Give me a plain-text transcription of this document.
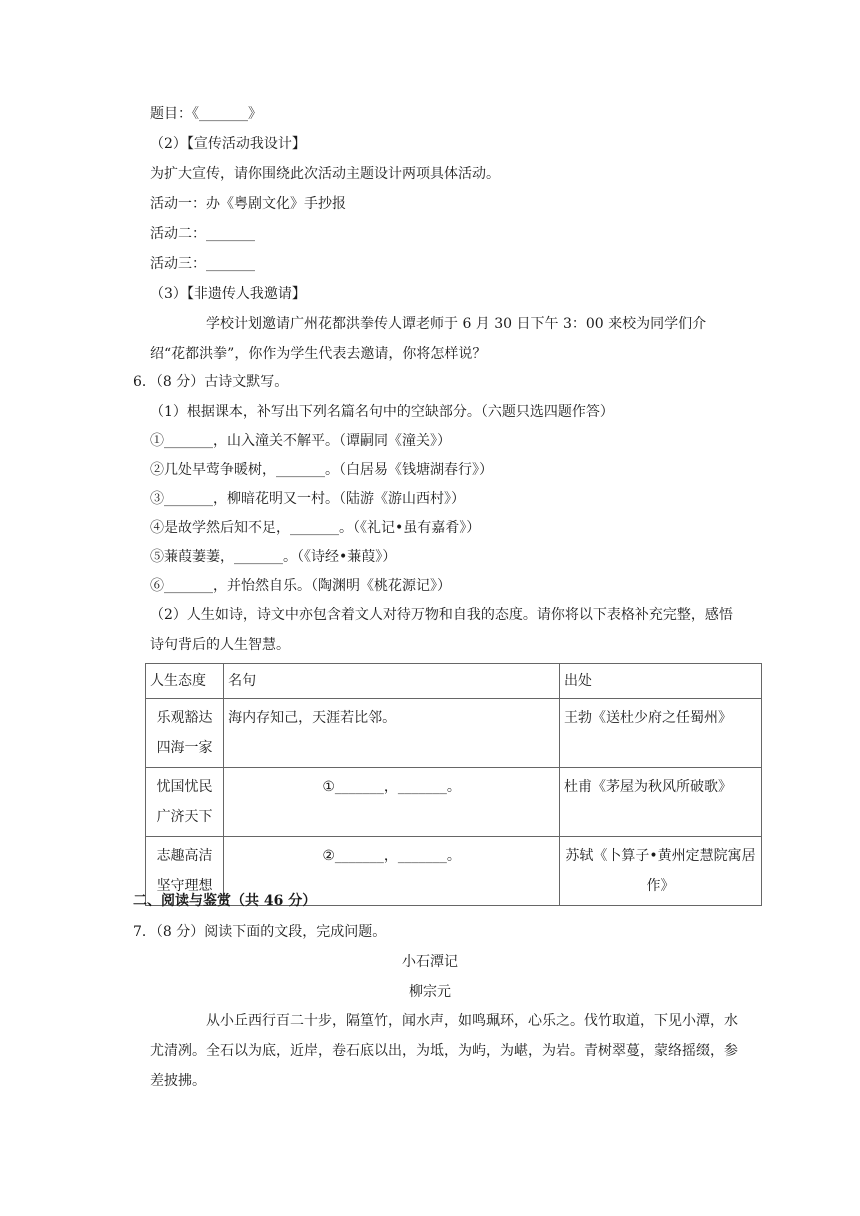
题目：《_______》
（2）【宣传活动我设计】
为扩大宣传，请你围绕此次活动主题设计两项具体活动。
活动一：办《粤剧文化》手抄报
活动二：_______
活动三：_______
（3）【非遗传人我邀请】
学校计划邀请广州花都洪拳传人谭老师于 6 月 30 日下午 3：00 来校为同学们介绍“花都洪拳”，你作为学生代表去邀请，你将怎样说？
6．（8 分）古诗文默写。
（1）根据课本，补写出下列名篇名句中的空缺部分。（六题只选四题作答）
①_______，山入潼关不解平。（谭嗣同《潼关》）
②几处早莺争暖树，_______。（白居易《钱塘湖春行》）
③_______，柳暗花明又一村。（陆游《游山西村》）
④是故学然后知不足，_______。（《礼记•虽有嘉肴》）
⑤蒹葭萋萋，_______。（《诗经•蒹葭》）
⑥_______，并怡然自乐。（陶渊明《桃花源记》）
（2）人生如诗，诗文中亦包含着文人对待万物和自我的态度。请你将以下表格补充完整，感悟诗句背后的人生智慧。
人生态度	名句	出处
乐观豁达四海一家	海内存知己，天涯若比邻。	王勃《送杜少府之任蜀州》
忧国忧民广济天下	①_______，_______。	杜甫《茅屋为秋风所破歌》
志趣高洁坚守理想	②_______，_______。	苏轼《卜算子•黄州定慧院寓居作》
二、阅读与鉴赏（共 46 分）
7．（8 分）阅读下面的文段，完成问题。
小石潭记
柳宗元
从小丘西行百二十步，隔篁竹，闻水声，如鸣珮环，心乐之。伐竹取道，下见小潭，水尤清冽。全石以为底，近岸，卷石底以出，为坻，为屿，为嵁，为岩。青树翠蔓，蒙络摇缀，参差披拂。
